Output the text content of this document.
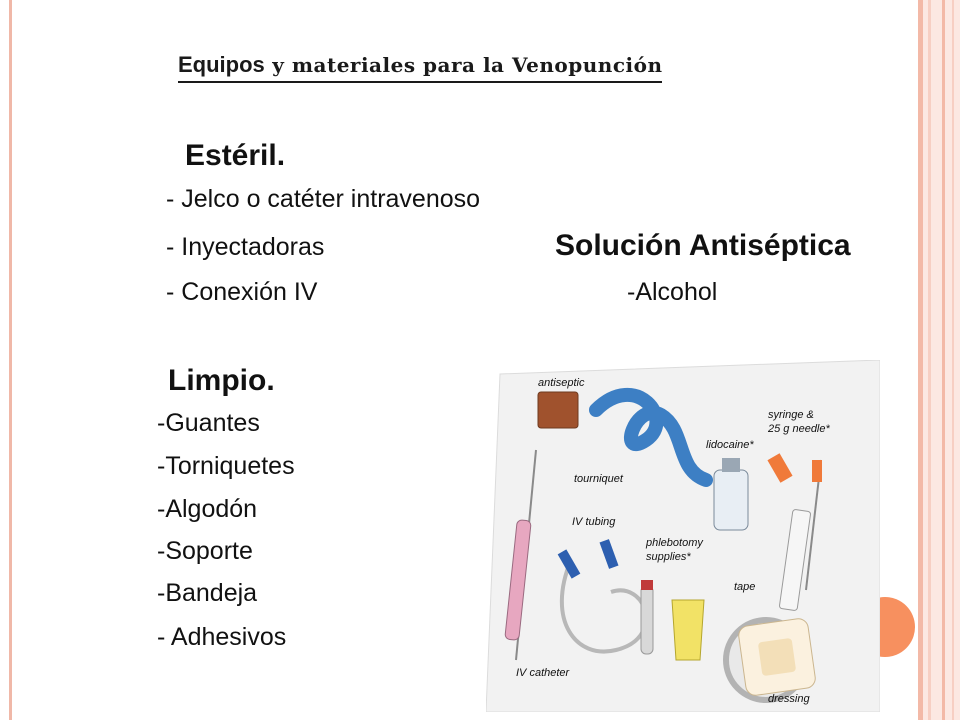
Equipos y materiales para la Venopunción
Estéril.
- Jelco o catéter intravenoso
- Inyectadoras
- Conexión IV
Solución Antiséptica
-Alcohol
Limpio.
-Guantes
-Torniquetes
-Algodón
-Soporte
-Bandeja
- Adhesivos
antiseptic
syringe &
25 g needle*
lidocaine*
tourniquet
IV tubing
phlebotomy
supplies*
tape
IV catheter
dressing
